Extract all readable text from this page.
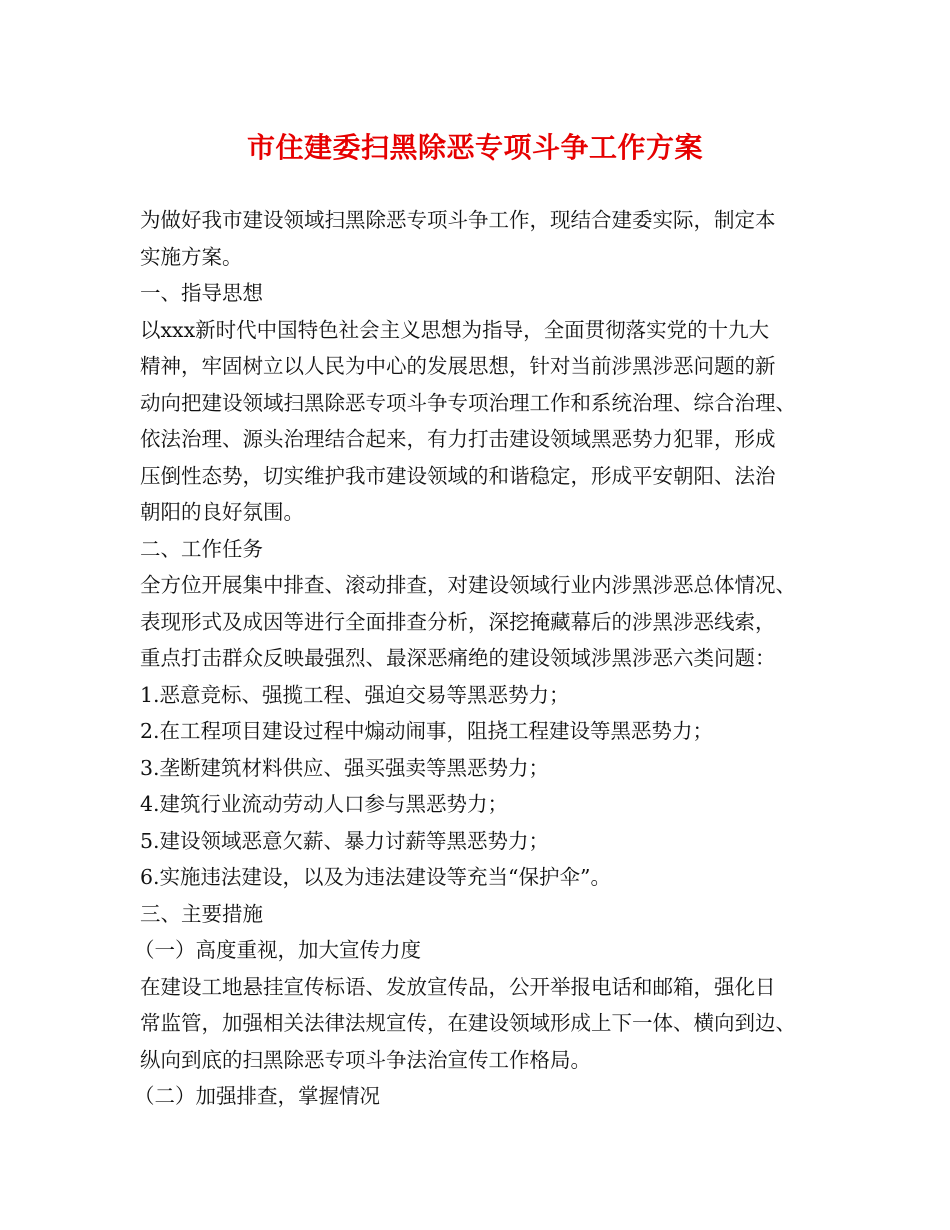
市住建委扫黑除恶专项斗争工作方案
为做好我市建设领域扫黑除恶专项斗争工作，现结合建委实际，制定本
实施方案。
一、指导思想
以xxx新时代中国特色社会主义思想为指导，全面贯彻落实党的十九大
精神，牢固树立以人民为中心的发展思想，针对当前涉黑涉恶问题的新
动向把建设领域扫黑除恶专项斗争专项治理工作和系统治理、综合治理、
依法治理、源头治理结合起来，有力打击建设领域黑恶势力犯罪，形成
压倒性态势，切实维护我市建设领域的和谐稳定，形成平安朝阳、法治
朝阳的良好氛围。
二、工作任务
全方位开展集中排查、滚动排查，对建设领域行业内涉黑涉恶总体情况、
表现形式及成因等进行全面排查分析，深挖掩藏幕后的涉黑涉恶线索，
重点打击群众反映最强烈、最深恶痛绝的建设领域涉黑涉恶六类问题：
1.恶意竞标、强揽工程、强迫交易等黑恶势力；
2.在工程项目建设过程中煽动闹事，阻挠工程建设等黑恶势力；
3.垄断建筑材料供应、强买强卖等黑恶势力；
4.建筑行业流动劳动人口参与黑恶势力；
5.建设领域恶意欠薪、暴力讨薪等黑恶势力；
6.实施违法建设，以及为违法建设等充当“保护伞”。
三、主要措施
（一）高度重视，加大宣传力度
在建设工地悬挂宣传标语、发放宣传品，公开举报电话和邮箱，强化日
常监管，加强相关法律法规宣传，在建设领域形成上下一体、横向到边、
纵向到底的扫黑除恶专项斗争法治宣传工作格局。
（二）加强排查，掌握情况
